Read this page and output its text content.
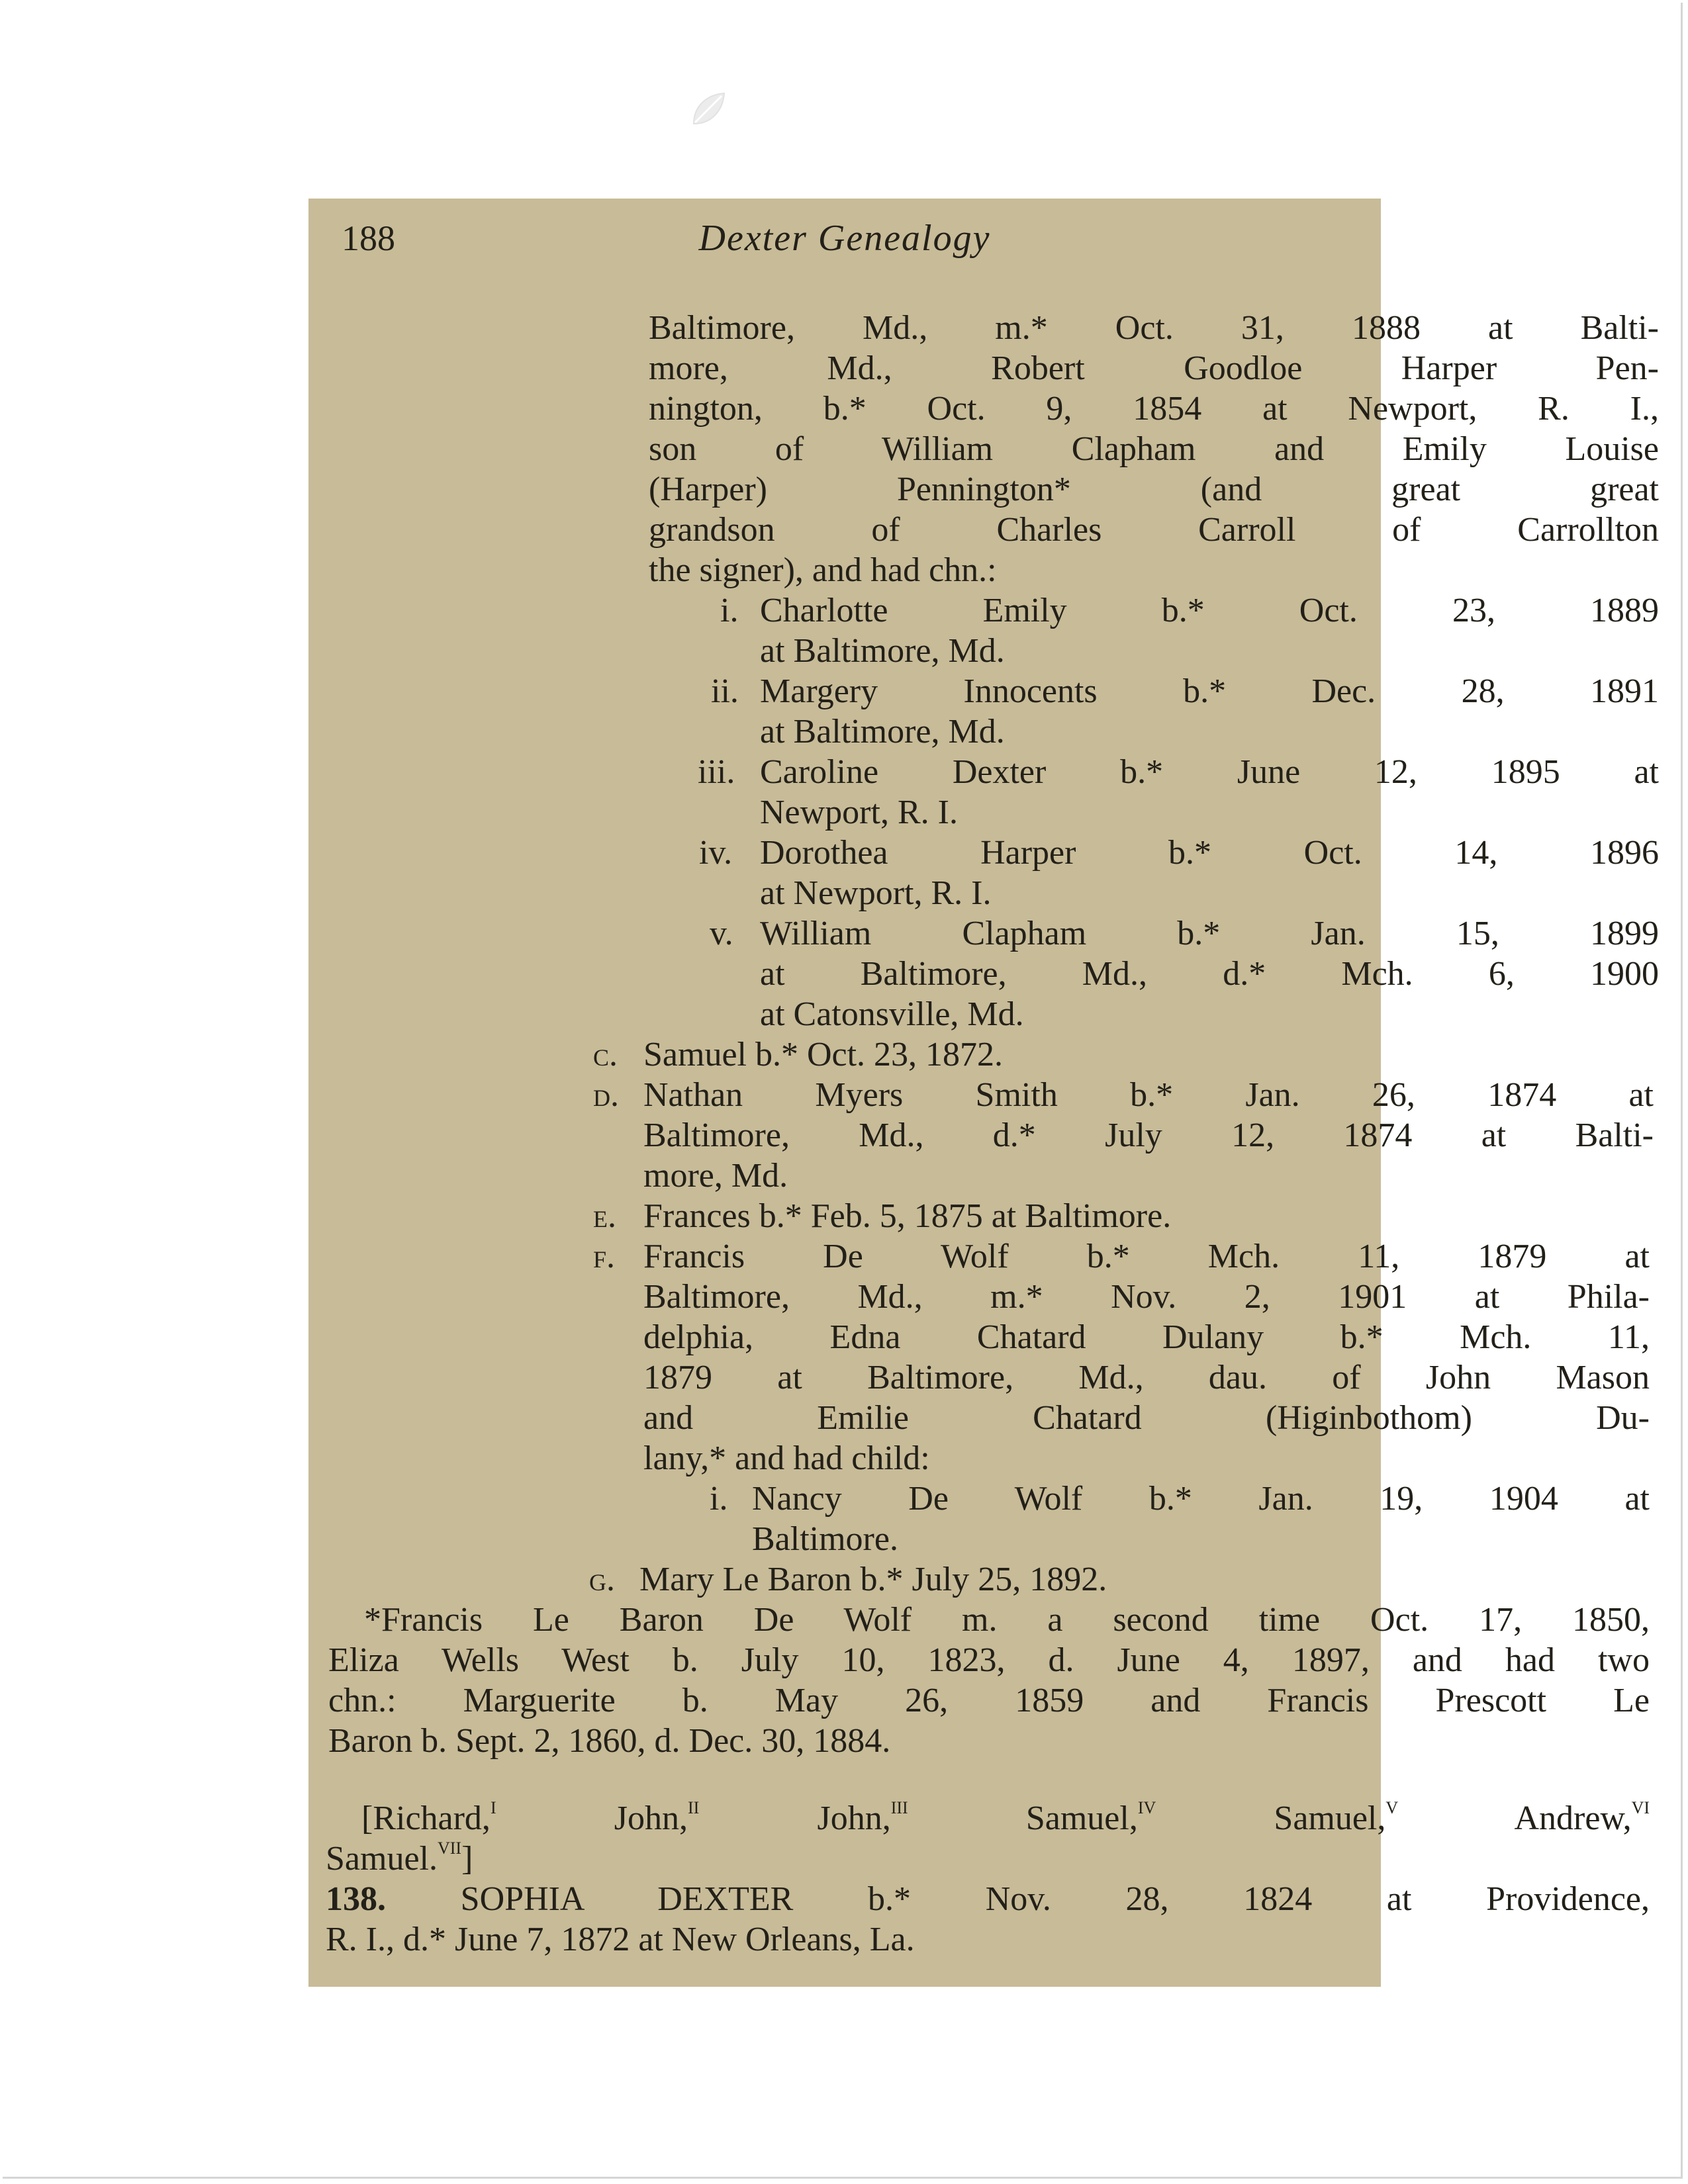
188	Dexter Genealogy
Baltimore, Md., m.* Oct. 31, 1888 at Balti-
more, Md., Robert Goodloe Harper Pen-
nington, b.* Oct. 9, 1854 at Newport, R. I.,
son of William Clapham and Emily Louise
(Harper) Pennington* (and great great
grandson of Charles Carroll of Carrollton
the signer), and had chn.:
i. Charlotte Emily b.* Oct. 23, 1889
at Baltimore, Md.
ii. Margery Innocents b.* Dec. 28, 1891
at Baltimore, Md.
iii. Caroline Dexter b.* June 12, 1895 at
Newport, R. I.
iv. Dorothea Harper b.* Oct. 14, 1896
at Newport, R. I.
v. William Clapham b.* Jan. 15, 1899
at Baltimore, Md., d.* Mch. 6, 1900
at Catonsville, Md.
c. Samuel b.* Oct. 23, 1872.
d. Nathan Myers Smith b.* Jan. 26, 1874 at
Baltimore, Md., d.* July 12, 1874 at Balti-
more, Md.
e. Frances b.* Feb. 5, 1875 at Baltimore.
f. Francis De Wolf b.* Mch. 11, 1879 at
Baltimore, Md., m.* Nov. 2, 1901 at Phila-
delphia, Edna Chatard Dulany b.* Mch. 11,
1879 at Baltimore, Md., dau. of John Mason
and Emilie Chatard (Higinbothom) Du-
lany,* and had child:
i. Nancy De Wolf b.* Jan. 19, 1904 at
Baltimore.
g. Mary Le Baron b.* July 25, 1892.
*Francis Le Baron De Wolf m. a second time Oct. 17, 1850,
Eliza Wells West b. July 10, 1823, d. June 4, 1897, and had two
chn.: Marguerite b. May 26, 1859 and Francis Prescott Le
Baron b. Sept. 2, 1860, d. Dec. 30, 1884.
[Richard,$^I$	John,$^{II}$	John,$^{III}$	Samuel,$^{IV}$	Samuel,$^V$	Andrew,$^{VI}$
Samuel.$^{VII}$]
138. SOPHIA DEXTER b.* Nov. 28, 1824 at Providence,
R. I., d.* June 7, 1872 at New Orleans, La.
